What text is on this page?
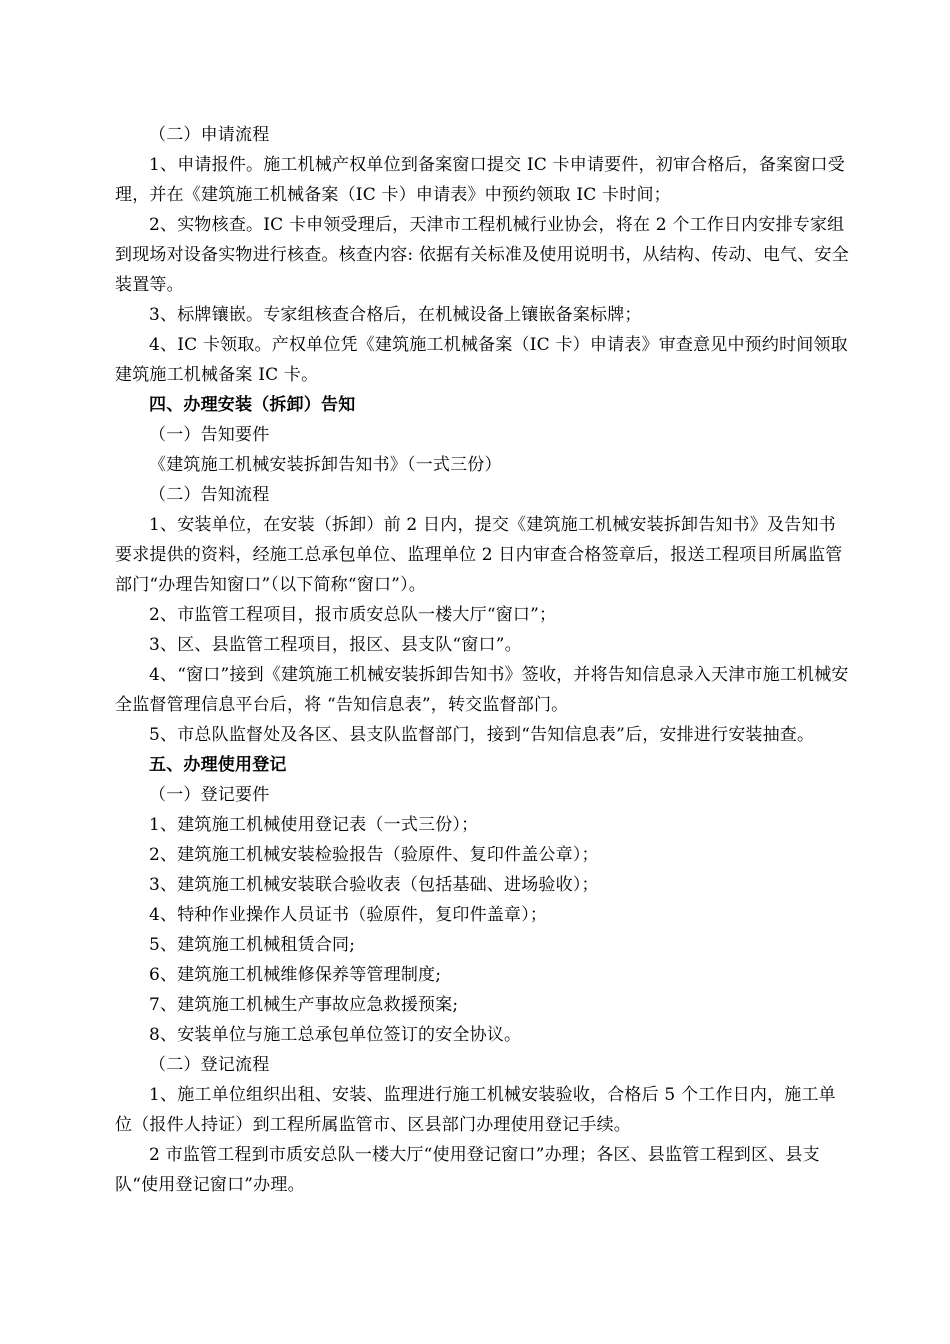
（二）申请流程
1、申请报件。施工机械产权单位到备案窗口提交 IC 卡申请要件，初审合格后，备案窗口受理，并在《建筑施工机械备案（IC 卡）申请表》中预约领取 IC 卡时间；
2、实物核查。IC 卡申领受理后，天津市工程机械行业协会，将在 2 个工作日内安排专家组到现场对设备实物进行核查。核查内容: 依据有关标准及使用说明书，从结构、传动、电气、安全装置等。
3、标牌镶嵌。专家组核查合格后，在机械设备上镶嵌备案标牌；
4、IC 卡领取。产权单位凭《建筑施工机械备案（IC 卡）申请表》审查意见中预约时间领取建筑施工机械备案 IC 卡。
四、办理安装（拆卸）告知
（一）告知要件
《建筑施工机械安装拆卸告知书》（一式三份）
（二）告知流程
1、安装单位，在安装（拆卸）前 2 日内，提交《建筑施工机械安装拆卸告知书》及告知书要求提供的资料，经施工总承包单位、监理单位 2 日内审查合格签章后，报送工程项目所属监管部门“办理告知窗口”（以下简称“窗口”）。
2、市监管工程项目，报市质安总队一楼大厅“窗口”；
3、区、县监管工程项目，报区、县支队“窗口”。
4、“窗口”接到《建筑施工机械安装拆卸告知书》签收，并将告知信息录入天津市施工机械安全监督管理信息平台后，将 “告知信息表”，转交监督部门。
5、市总队监督处及各区、县支队监督部门，接到“告知信息表”后，安排进行安装抽查。
五、办理使用登记
（一）登记要件
1、建筑施工机械使用登记表（一式三份）；
2、建筑施工机械安装检验报告（验原件、复印件盖公章）；
3、建筑施工机械安装联合验收表（包括基础、进场验收）；
4、特种作业操作人员证书（验原件，复印件盖章）；
5、建筑施工机械租赁合同;
6、建筑施工机械维修保养等管理制度;
7、建筑施工机械生产事故应急救援预案;
8、安装单位与施工总承包单位签订的安全协议。
（二）登记流程
1、施工单位组织出租、安装、监理进行施工机械安装验收，合格后 5 个工作日内，施工单位（报件人持证）到工程所属监管市、区县部门办理使用登记手续。
2 市监管工程到市质安总队一楼大厅“使用登记窗口”办理；各区、县监管工程到区、县支队“使用登记窗口”办理。
